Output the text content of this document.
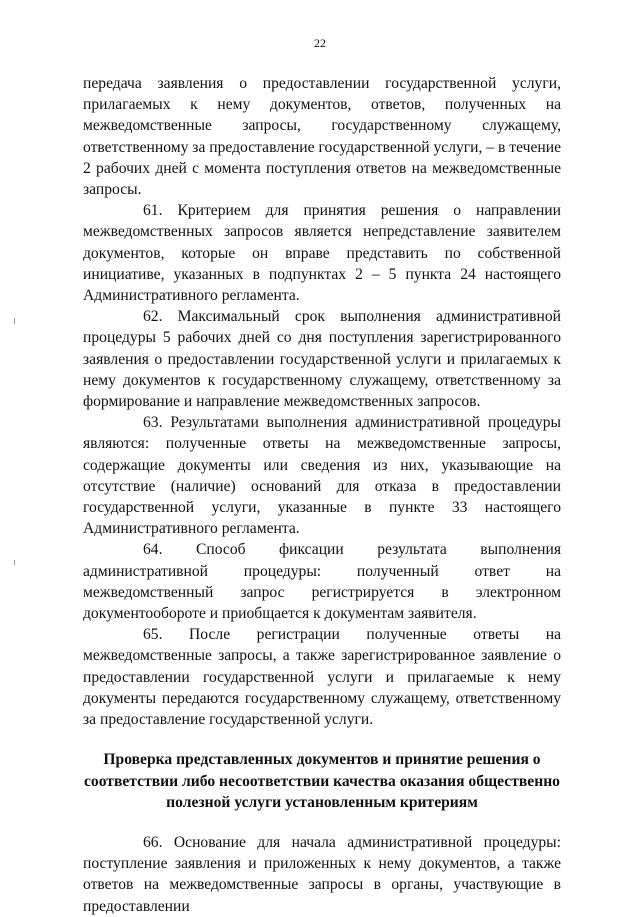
22

передача заявления о предоставлении государственной услуги, прилагаемых к нему документов, ответов, полученных на межведомственные запросы, государственному служащему, ответственному за предоставление государственной услуги, – в течение 2 рабочих дней с момента поступления ответов на межведомственные запросы.

61. Критерием для принятия решения о направлении межведомственных запросов является непредставление заявителем документов, которые он вправе представить по собственной инициативе, указанных в подпунктах 2 – 5 пункта 24 настоящего Административного регламента.

62. Максимальный срок выполнения административной процедуры 5 рабочих дней со дня поступления зарегистрированного заявления о предоставлении государственной услуги и прилагаемых к нему документов к государственному служащему, ответственному за формирование и направление межведомственных запросов.

63. Результатами выполнения административной процедуры являются: полученные ответы на межведомственные запросы, содержащие документы или сведения из них, указывающие на отсутствие (наличие) оснований для отказа в предоставлении государственной услуги, указанные в пункте 33 настоящего Административного регламента.

64. Способ фиксации результата выполнения административной процедуры: полученный ответ на межведомственный запрос регистрируется в электронном документообороте и приобщается к документам заявителя.

65. После регистрации полученные ответы на межведомственные запросы, а также зарегистрированное заявление о предоставлении государственной услуги и прилагаемые к нему документы передаются государственному служащему, ответственному за предоставление государственной услуги.

Проверка представленных документов и принятие решения о соответствии либо несоответствии качества оказания общественно полезной услуги установленным критериям

66. Основание для начала административной процедуры: поступление заявления и приложенных к нему документов, а также ответов на межведомственные запросы в органы, участвующие в предоставлении
